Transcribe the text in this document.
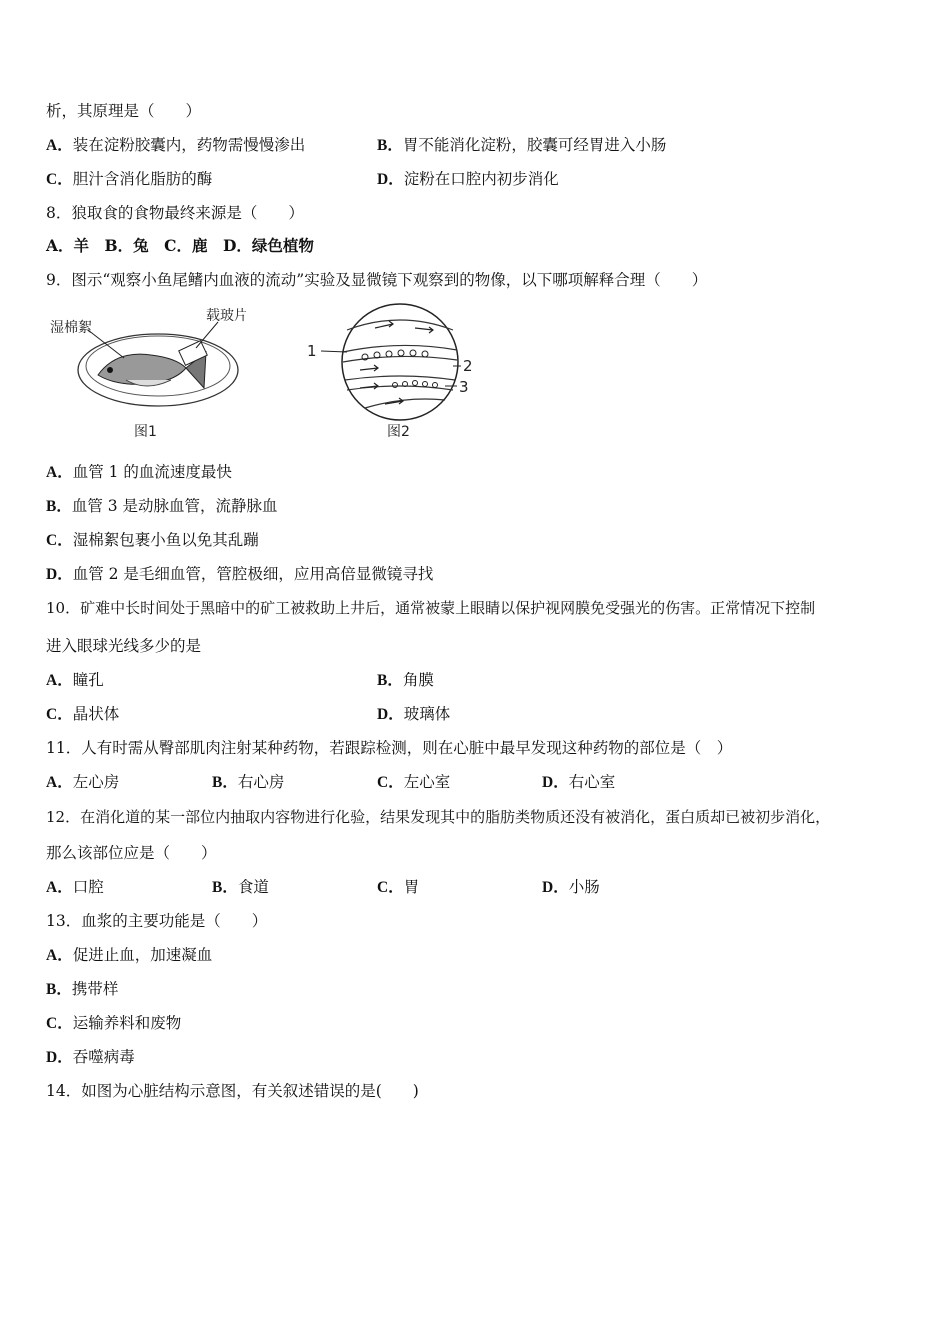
析，其原理是（　　）
A．装在淀粉胶囊内，药物需慢慢渗出	B．胃不能消化淀粉，胶囊可经胃进入小肠
C．胆汁含消化脂肪的酶	D．淀粉在口腔内初步消化
8．狼取食的食物最终来源是（　　）
A．羊　B．兔　C．鹿　D．绿色植物
9．图示“观察小鱼尾鳍内血液的流动”实验及显微镜下观察到的物像，以下哪项解释合理（　　）
湿棉絮
载玻片
图1
1
2
3
图2
A．血管 1 的血流速度最快
B．血管 3 是动脉血管，流静脉血
C．湿棉絮包裹小鱼以免其乱蹦
D．血管 2 是毛细血管，管腔极细，应用高倍显微镜寻找
10．矿难中长时间处于黑暗中的矿工被救助上井后，通常被蒙上眼睛以保护视网膜免受强光的伤害。正常情况下控制
进入眼球光线多少的是
A．瞳孔	B．角膜
C．晶状体	D．玻璃体
11．人有时需从臀部肌肉注射某种药物，若跟踪检测，则在心脏中最早发现这种药物的部位是（　）
A．左心房	B．右心房	C．左心室	D．右心室
12．在消化道的某一部位内抽取内容物进行化验，结果发现其中的脂肪类物质还没有被消化，蛋白质却已被初步消化，
那么该部位应是（　　）
A．口腔	B．食道	C．胃	D．小肠
13．血浆的主要功能是（　　）
A．促进止血，加速凝血
B．携带样
C．运输养料和废物
D．吞噬病毒
14．如图为心脏结构示意图，有关叙述错误的是(　　)
